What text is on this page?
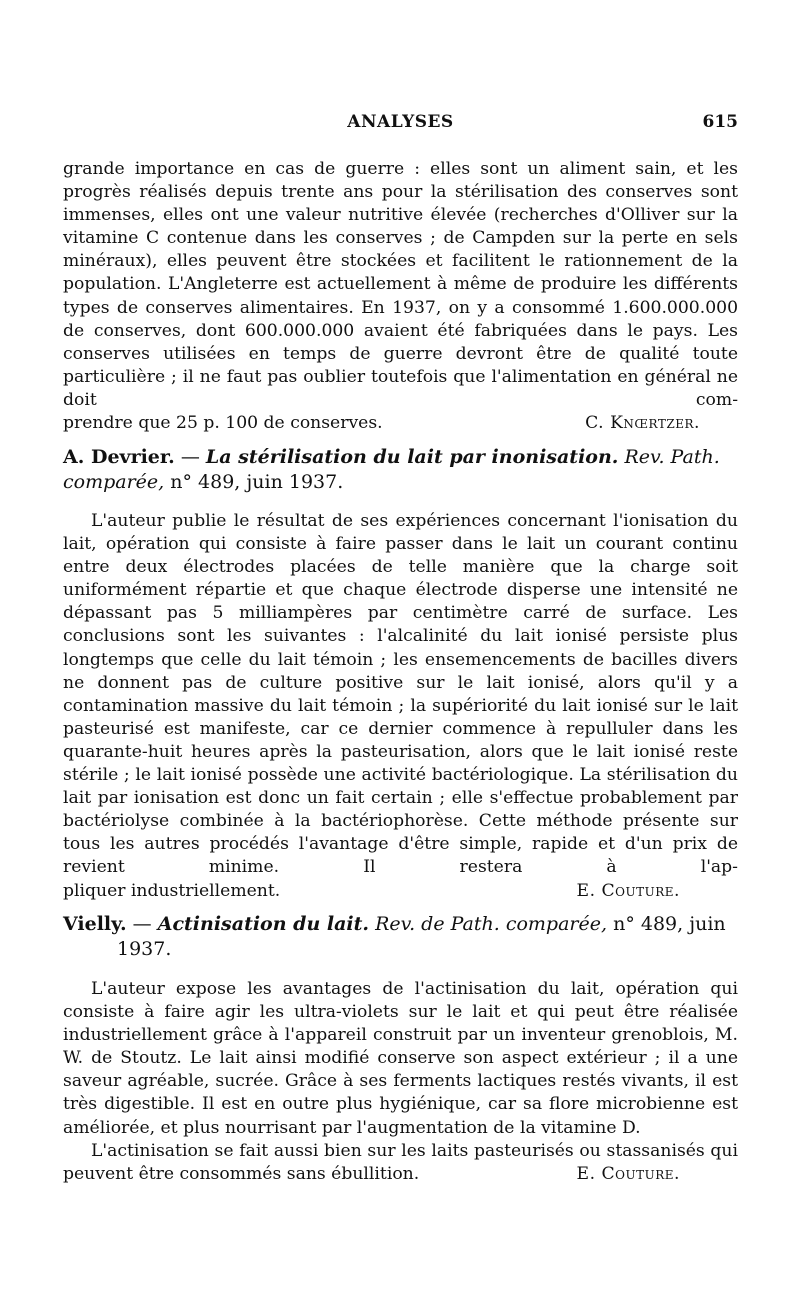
ANALYSES	615

grande importance en cas de guerre : elles sont un aliment sain, et les progrès réalisés depuis trente ans pour la stérilisation des conserves sont immenses, elles ont une valeur nutritive élevée (recherches d'Olliver sur la vitamine C contenue dans les conserves ; de Campden sur la perte en sels minéraux), elles peuvent être stockées et facilitent le rationnement de la population. L'Angleterre est actuellement à même de produire les différents types de conserves alimentaires. En 1937, on y a consommé 1.600.000.000 de conserves, dont 600.000.000 avaient été fabriquées dans le pays. Les conserves utilisées en temps de guerre devront être de qualité toute particulière ; il ne faut pas oublier toutefois que l'alimentation en général ne doit com-

prendre que 25 p. 100 de conserves.	C. Knœrtzer.
A. Devrier. — La stérilisation du lait par inonisation. Rev. Path. comparée, n° 489, juin 1937.

L'auteur publie le résultat de ses expériences concernant l'ionisation du lait, opération qui consiste à faire passer dans le lait un courant continu entre deux électrodes placées de telle manière que la charge soit uniformément répartie et que chaque électrode disperse une intensité ne dépassant pas 5 milliampères par centimètre carré de surface. Les conclusions sont les suivantes : l'alcalinité du lait ionisé persiste plus longtemps que celle du lait témoin ; les ensemencements de bacilles divers ne donnent pas de culture positive sur le lait ionisé, alors qu'il y a contamination massive du lait témoin ; la supériorité du lait ionisé sur le lait pasteurisé est manifeste, car ce dernier commence à repulluler dans les quarante-huit heures après la pasteurisation, alors que le lait ionisé reste stérile ; le lait ionisé possède une activité bactériologique. La stérilisation du lait par ionisation est donc un fait certain ; elle s'effectue probablement par bactériolyse combinée à la bactériophorèse. Cette méthode présente sur tous les autres procédés l'avantage d'être simple, rapide et d'un prix de revient minime. Il restera à l'ap-

pliquer industriellement.	E. Couture.
Vielly. — Actinisation du lait. Rev. de Path. comparée, n° 489, juin
1937.

L'auteur expose les avantages de l'actinisation du lait, opération qui consiste à faire agir les ultra-violets sur le lait et qui peut être réalisée industriellement grâce à l'appareil construit par un inventeur grenoblois, M. W. de Stoutz. Le lait ainsi modifié conserve son aspect extérieur ; il a une saveur agréable, sucrée. Grâce à ses ferments lactiques restés vivants, il est très digestible. Il est en outre plus hygiénique, car sa flore microbienne est améliorée, et plus nourrisant par l'augmentation de la vitamine D.

L'actinisation se fait aussi bien sur les laits pasteurisés ou stassanisés qui

peuvent être consommés sans ébullition.	E. Couture.
